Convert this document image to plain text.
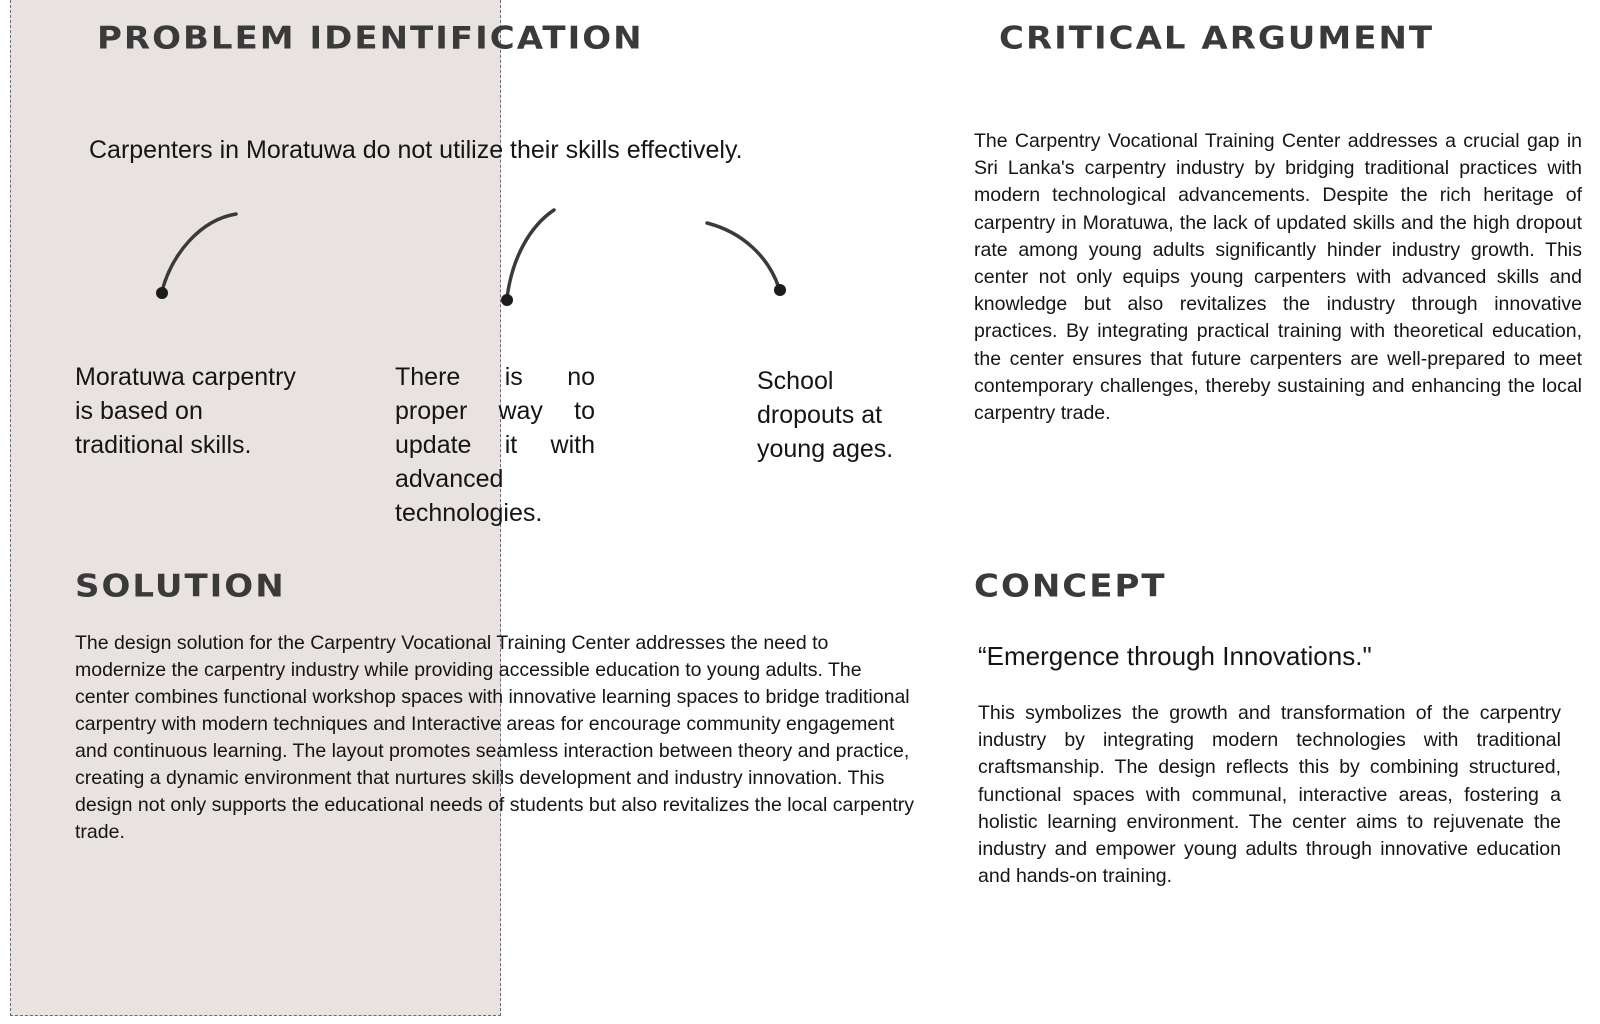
PROBLEM IDENTIFICATION
Carpenters in Moratuwa do not utilize their skills effectively.
Moratuwa carpentry is based on traditional skills.
There is no proper way to update it with advanced technologies.
School dropouts at young ages.
CRITICAL ARGUMENT
The Carpentry Vocational Training Center addresses a crucial gap in Sri Lanka's carpentry industry by bridging traditional practices with modern technological advancements. Despite the rich heritage of carpentry in Moratuwa, the lack of updated skills and the high dropout rate among young adults significantly hinder industry growth. This center not only equips young carpenters with advanced skills and knowledge but also revitalizes the industry through innovative practices. By integrating practical training with theoretical education, the center ensures that future carpenters are well-prepared to meet contemporary challenges, thereby sustaining and enhancing the local carpentry trade.
SOLUTION
The design solution for the Carpentry Vocational Training Center addresses the need to modernize the carpentry industry while providing accessible education to young adults. The center combines functional workshop spaces with innovative learning spaces to bridge traditional carpentry with modern techniques and Interactive areas for encourage community engagement and continuous learning. The layout promotes seamless interaction between theory and practice, creating a dynamic environment that nurtures skills development and industry innovation. This design not only supports the educational needs of students but also revitalizes the local carpentry trade.
CONCEPT
“Emergence through Innovations."
This symbolizes the growth and transformation of the carpentry industry by integrating modern technologies with traditional craftsmanship. The design reflects this by combining structured, functional spaces with communal, interactive areas, fostering a holistic learning environment. The center aims to rejuvenate the industry and empower young adults through innovative education and hands-on training.
